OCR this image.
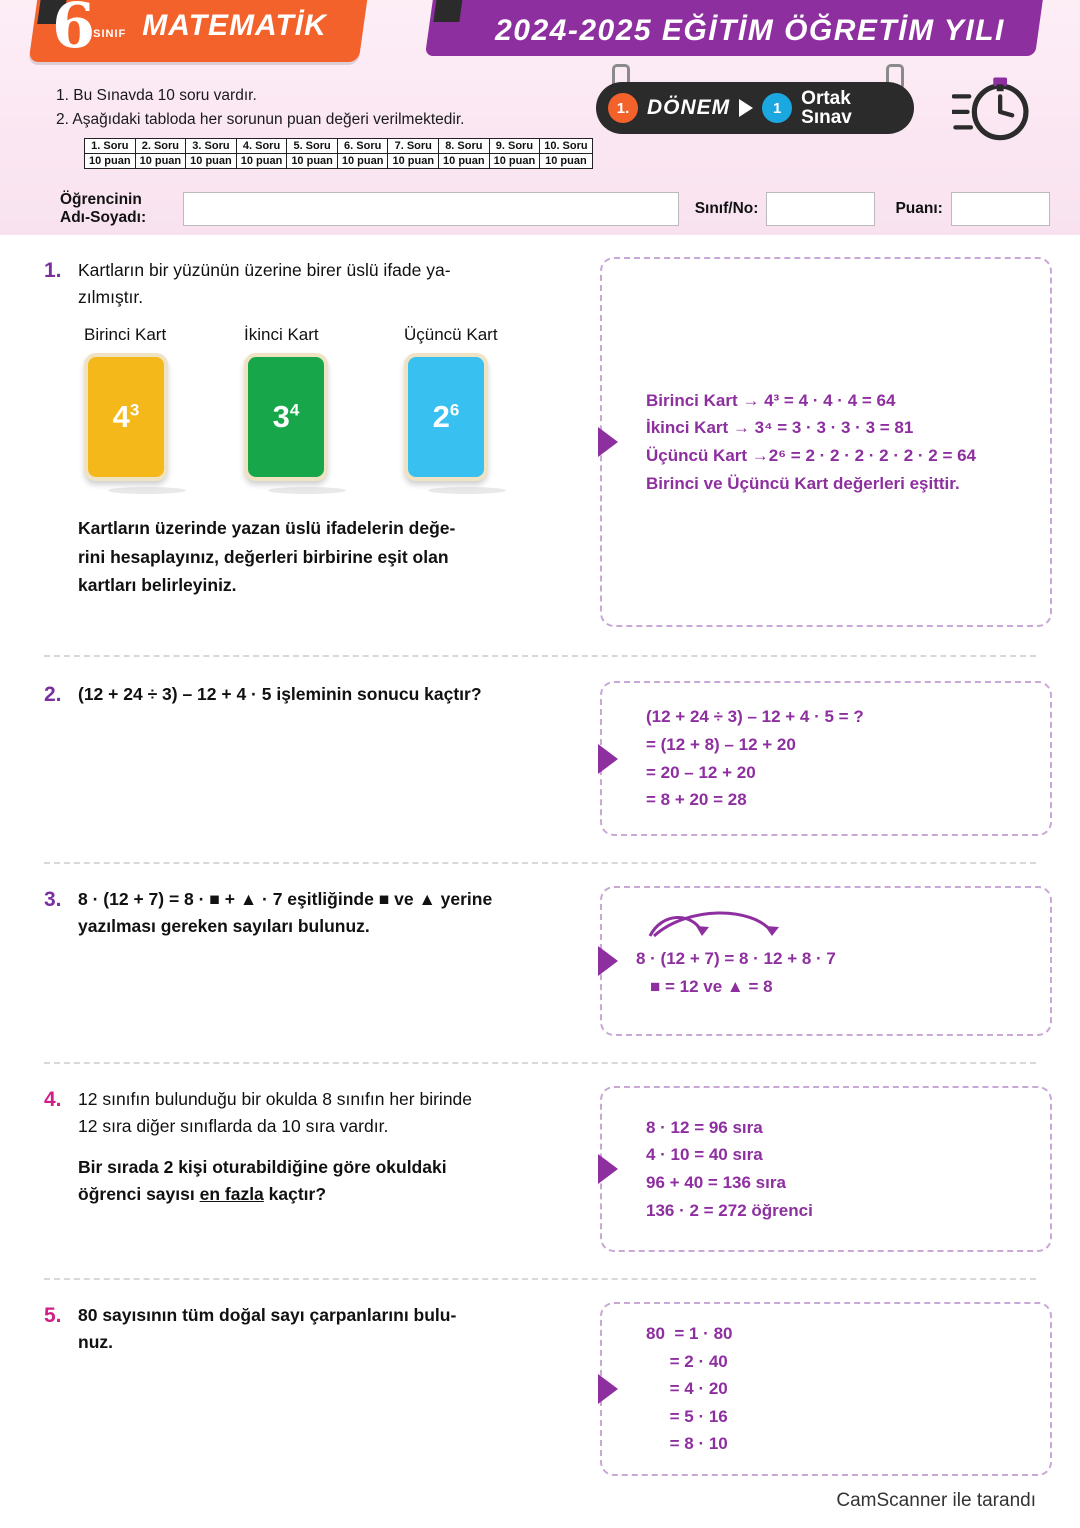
6 SINIF MATEMATİK	2024-2025 EĞİTİM ÖĞRETİM YILI
1. Bu Sınavda 10 soru vardır.
2. Aşağıdaki tabloda her sorunun puan değeri verilmektedir.
1. Soru	2. Soru	3. Soru	4. Soru	5. Soru	6. Soru	7. Soru	8. Soru	9. Soru	10. Soru
10 puan	10 puan	10 puan	10 puan	10 puan	10 puan	10 puan	10 puan	10 puan	10 puan
1. DÖNEM	1	Ortak
Sınav
Öğrencinin
Adı-Soyadı:
Sınıf/No:	Puanı:
1. Kartların bir yüzünün üzerine birer üslü ifade ya-
zılmıştır.
Birinci Kart
$4^3$
İkinci Kart
$3^4$
Üçüncü Kart
$2^6$
Kartların üzerinde yazan üslü ifadelerin değe-
rini hesaplayınız, değerleri birbirine eşit olan
kartları belirleyiniz.
Birinci Kart → 4³ = 4 · 4 · 4 = 64
İkinci Kart → 3⁴ = 3 · 3 · 3 · 3 = 81
Üçüncü Kart →2⁶ = 2 · 2 · 2 · 2 · 2 · 2 = 64
Birinci ve Üçüncü Kart değerleri eşittir.
2. (12 + 24 ÷ 3) – 12 + 4 · 5 işleminin sonucu kaçtır?
(12 + 24 ÷ 3) – 12 + 4 · 5 = ?
= (12 + 8) – 12 + 20
= 20 – 12 + 20
= 8 + 20 = 28
3. 8 · (12 + 7) = 8 · ■ + ▲ · 7 eşitliğinde ■ ve ▲ yerine
yazılması gereken sayıları bulunuz.
8 · (12 + 7) = 8 · 12 + 8 · 7
■ = 12 ve ▲ = 8
4. 12 sınıfın bulunduğu bir okulda 8 sınıfın her birinde
12 sıra diğer sınıflarda da 10 sıra vardır.
Bir sırada 2 kişi oturabildiğine göre okuldaki
öğrenci sayısı en fazla kaçtır?
8 · 12 = 96 sıra
4 · 10 = 40 sıra
96 + 40 = 136 sıra
136 · 2 = 272 öğrenci
5. 80 sayısının tüm doğal sayı çarpanlarını bulu-
nuz.	80  = 1 · 80
= 2 · 40
= 4 · 20
= 5 · 16
= 8 · 10
CamScanner ile tarandı
